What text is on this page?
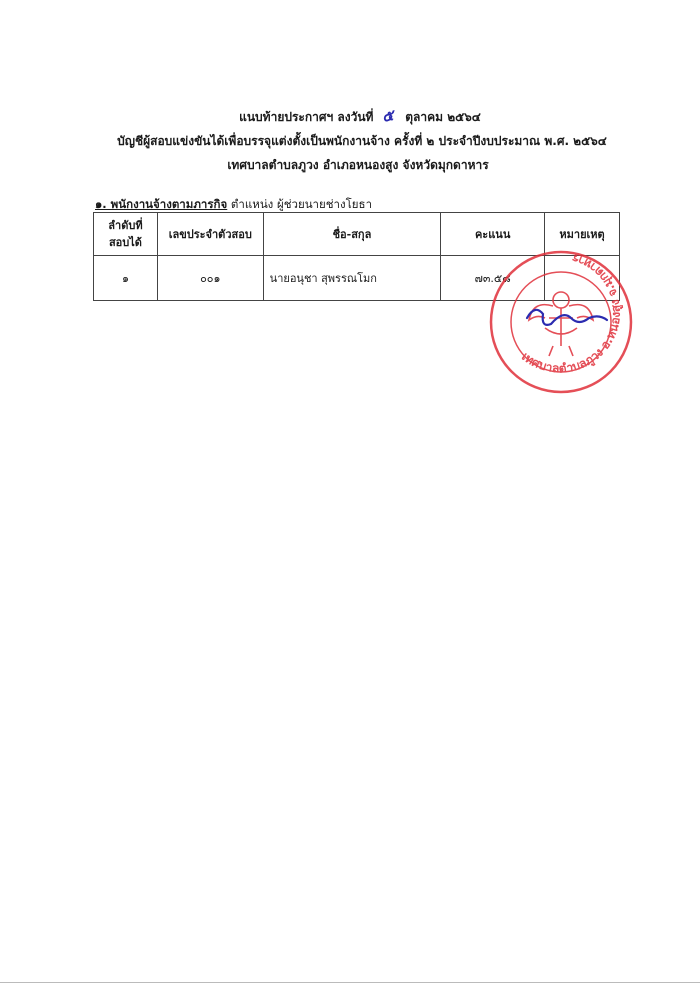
แนบท้ายประกาศฯ ลงวันที่ ๕ ตุลาคม ๒๕๖๔
บัญชีผู้สอบแข่งขันได้เพื่อบรรจุแต่งตั้งเป็นพนักงานจ้าง ครั้งที่ ๒ ประจำปีงบประมาณ พ.ศ. ๒๕๖๔
เทศบาลตำบลภูวง อำเภอหนองสูง จังหวัดมุกดาหาร
๑. พนักงานจ้างตามภารกิจ ตำแหน่ง ผู้ช่วยนายช่างโยธา
ลำดับที่
สอบได้	เลขประจำตัวสอบ	ชื่อ-สกุล	คะแนน	หมายเหตุ
๑	๐๐๑	นายอนุชา สุพรรณโมก	๗๓.๕๘	
เทศบาลตำบลภูวง อ.หนองสูง จ.มุกดาหาร
